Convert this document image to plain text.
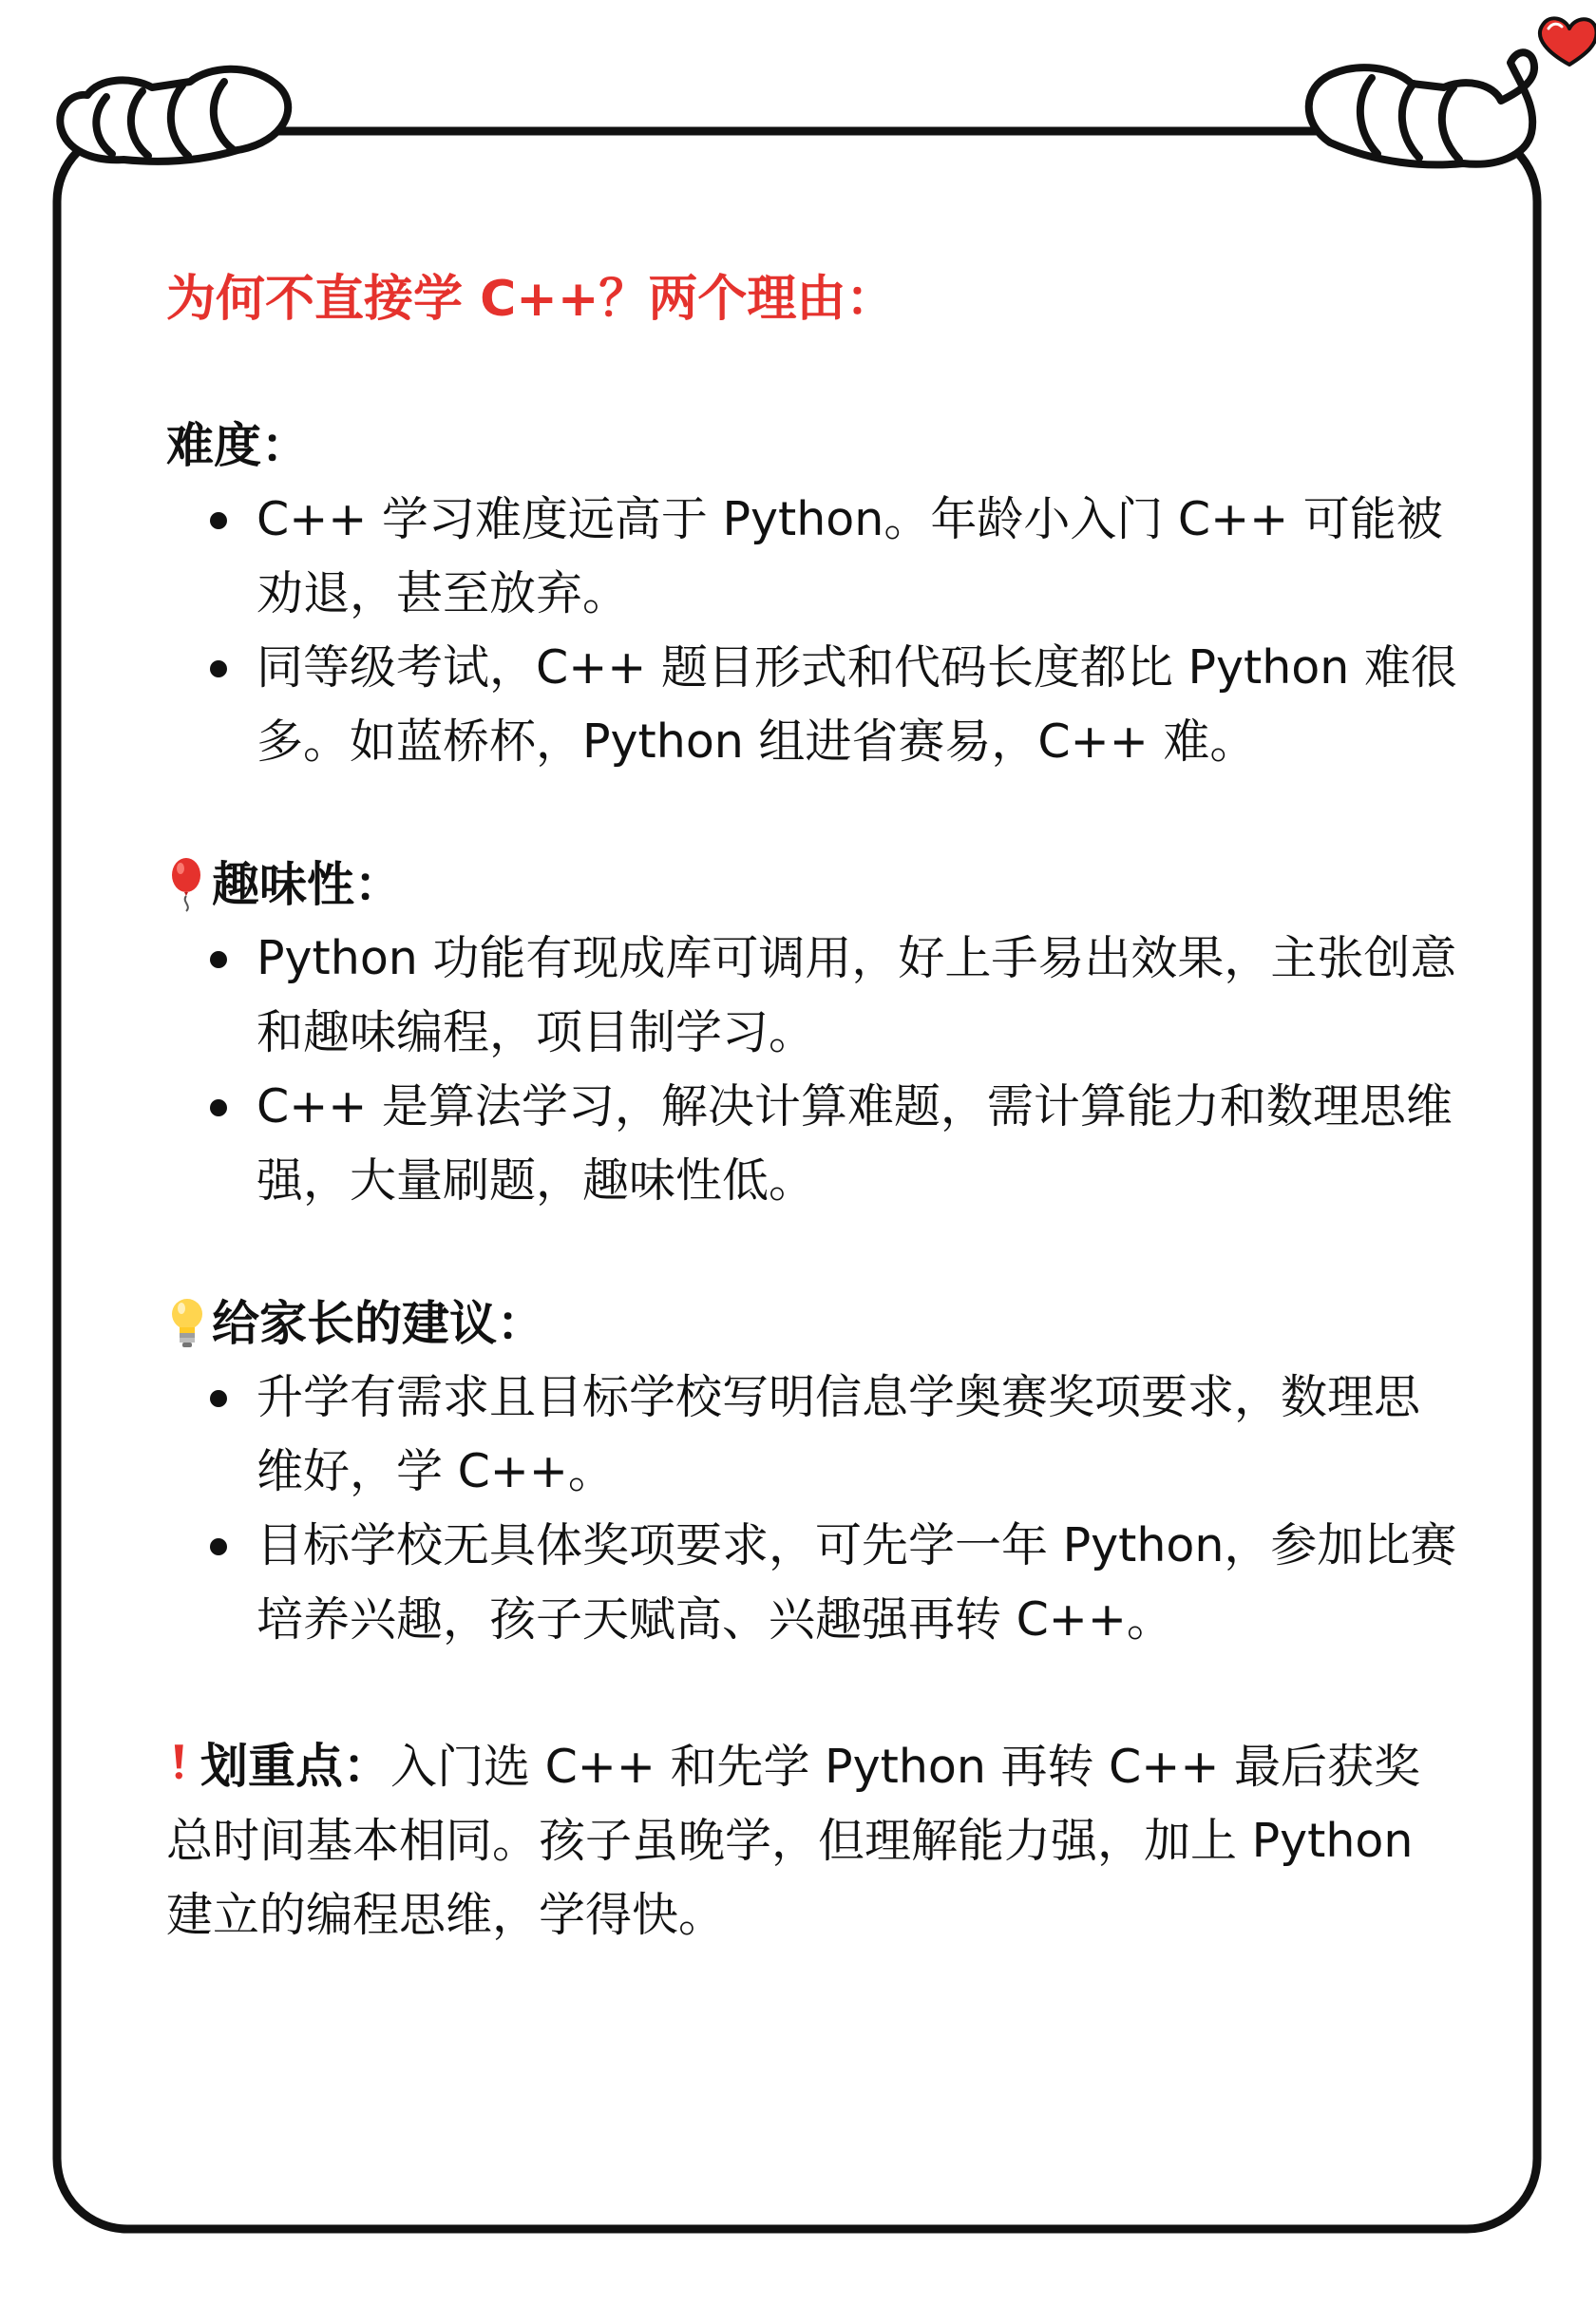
为何不直接学 C++？两个理由：
难度：
C++ 学习难度远高于 Python。年龄小入门 C++ 可能被劝退，甚至放弃。
同等级考试，C++ 题目形式和代码长度都比 Python 难很多。如蓝桥杯，Python 组进省赛易，C++ 难。
趣味性：
Python 功能有现成库可调用，好上手易出效果，主张创意和趣味编程，项目制学习。
C++ 是算法学习，解决计算难题，需计算能力和数理思维强，大量刷题，趣味性低。
给家长的建议：
升学有需求且目标学校写明信息学奥赛奖项要求，数理思维好，学 C++。
目标学校无具体奖项要求，可先学一年 Python，参加比赛培养兴趣，孩子天赋高、兴趣强再转 C++。
划重点：入门选 C++ 和先学 Python 再转 C++ 最后获奖总时间基本相同。孩子虽晚学，但理解能力强，加上 Python 建立的编程思维，学得快。
